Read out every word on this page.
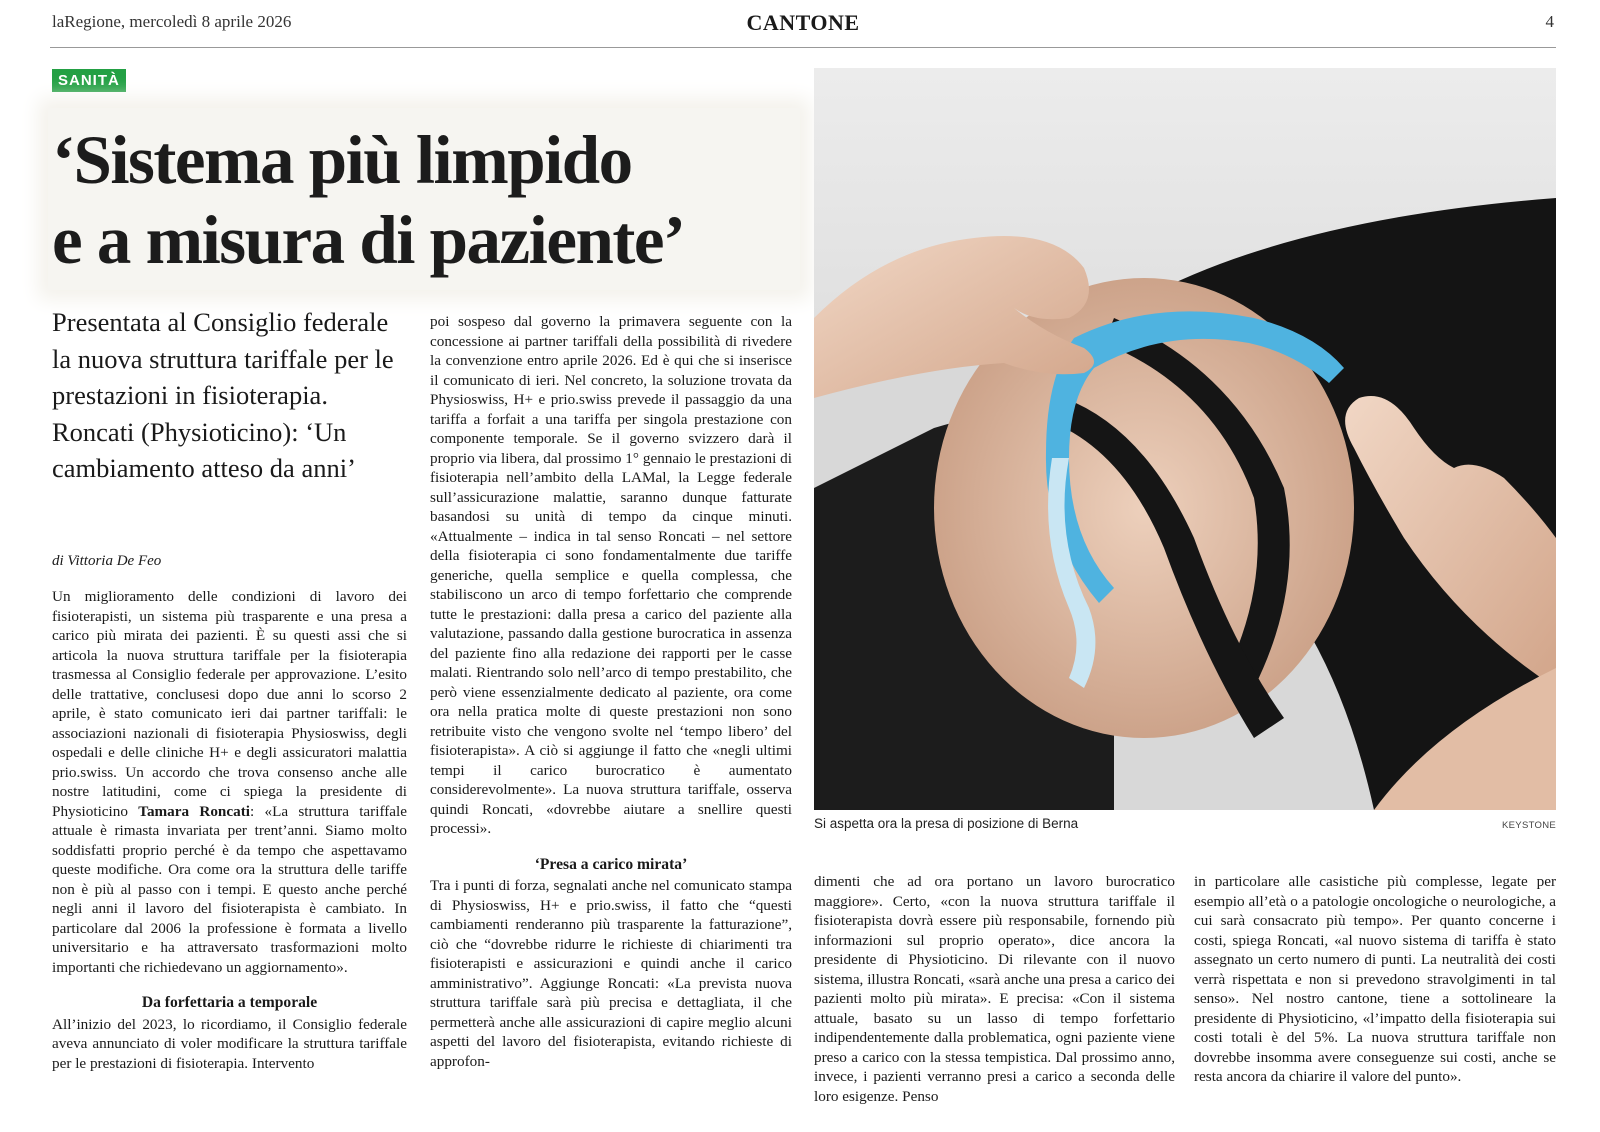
laRegione, mercoledì 8 aprile 2026	CANTONE	4
SANITÀ
‘Sistema più limpido
e a misura di paziente’
Presentata al Consiglio federale la nuova struttura tariffale per le prestazioni in fisioterapia. Roncati (Physioticino): ‘Un cambiamento atteso da anni’
di Vittoria De Feo

Un miglioramento delle condizioni di lavoro dei fisioterapisti, un sistema più trasparente e una presa a carico più mirata dei pazienti. È su questi assi che si articola la nuova struttura tariffale per la fisioterapia trasmessa al Consiglio federale per approvazione. L’esito delle trattative, conclusesi dopo due anni lo scorso 2 aprile, è stato comunicato ieri dai partner tariffali: le associazioni nazionali di fisioterapia Physioswiss, degli ospedali e delle cliniche H+ e degli assicuratori malattia prio.swiss. Un accordo che trova consenso anche alle nostre latitudini, come ci spiega la presidente di Physioticino Tamara Roncati: «La struttura tariffale attuale è rimasta invariata per trent’anni. Siamo molto soddisfatti proprio perché è da tempo che aspettavamo queste modifiche. Ora come ora la struttura delle tariffe non è più al passo con i tempi. E questo anche perché negli anni il lavoro del fisioterapista è cambiato. In particolare dal 2006 la professione è formata a livello universitario e ha attraversato trasformazioni molto importanti che richiedevano un aggiornamento».

Da forfettaria a temporale

All’inizio del 2023, lo ricordiamo, il Consiglio federale aveva annunciato di voler modificare la struttura tariffale per le prestazioni di fisioterapia. Intervento

poi sospeso dal governo la primavera seguente con la concessione ai partner tariffali della possibilità di rivedere la convenzione entro aprile 2026. Ed è qui che si inserisce il comunicato di ieri. Nel concreto, la soluzione trovata da Physioswiss, H+ e prio.swiss prevede il passaggio da una tariffa a forfait a una tariffa per singola prestazione con componente temporale. Se il governo svizzero darà il proprio via libera, dal prossimo 1° gennaio le prestazioni di fisioterapia nell’ambito della LAMal, la Legge federale sull’assicurazione malattie, saranno dunque fatturate basandosi su unità di tempo da cinque minuti. «Attualmente – indica in tal senso Roncati – nel settore della fisioterapia ci sono fondamentalmente due tariffe generiche, quella semplice e quella complessa, che stabiliscono un arco di tempo forfettario che comprende tutte le prestazioni: dalla presa a carico del paziente alla valutazione, passando dalla gestione burocratica in assenza del paziente fino alla redazione dei rapporti per le casse malati. Rientrando solo nell’arco di tempo prestabilito, che però viene essenzialmente dedicato al paziente, ora come ora nella pratica molte di queste prestazioni non sono retribuite visto che vengono svolte nel ‘tempo libero’ del fisioterapista». A ciò si aggiunge il fatto che «negli ultimi tempi il carico burocratico è aumentato considerevolmente». La nuova struttura tariffale, osserva quindi Roncati, «dovrebbe aiutare a snellire questi processi».

‘Presa a carico mirata’

Tra i punti di forza, segnalati anche nel comunicato stampa di Physioswiss, H+ e prio.swiss, il fatto che “questi cambiamenti renderanno più trasparente la fatturazione”, ciò che “dovrebbe ridurre le richieste di chiarimenti tra fisioterapisti e assicurazioni e quindi anche il carico amministrativo”. Aggiunge Roncati: «La prevista nuova struttura tariffale sarà più precisa e dettagliata, il che permetterà anche alle assicurazioni di capire meglio alcuni aspetti del lavoro del fisioterapista, evitando richieste di approfon-

Si aspetta ora la presa di posizione di Berna	KEYSTONE

dimenti che ad ora portano un lavoro burocratico maggiore». Certo, «con la nuova struttura tariffale il fisioterapista dovrà essere più responsabile, fornendo più informazioni sul proprio operato», dice ancora la presidente di Physioticino. Di rilevante con il nuovo sistema, illustra Roncati, «sarà anche una presa a carico dei pazienti molto più mirata». E precisa: «Con il sistema attuale, basato su un lasso di tempo forfettario indipendentemente dalla problematica, ogni paziente viene preso a carico con la stessa tempistica. Dal prossimo anno, invece, i pazienti verranno presi a carico a seconda delle loro esigenze. Penso

in particolare alle casistiche più complesse, legate per esempio all’età o a patologie oncologiche o neurologiche, a cui sarà consacrato più tempo». Per quanto concerne i costi, spiega Roncati, «al nuovo sistema di tariffa è stato assegnato un certo numero di punti. La neutralità dei costi verrà rispettata e non si prevedono stravolgimenti in tal senso». Nel nostro cantone, tiene a sottolineare la presidente di Physioticino, «l’impatto della fisioterapia sui costi totali è del 5%. La nuova struttura tariffale non dovrebbe insomma avere conseguenze sui costi, anche se resta ancora da chiarire il valore del punto».
